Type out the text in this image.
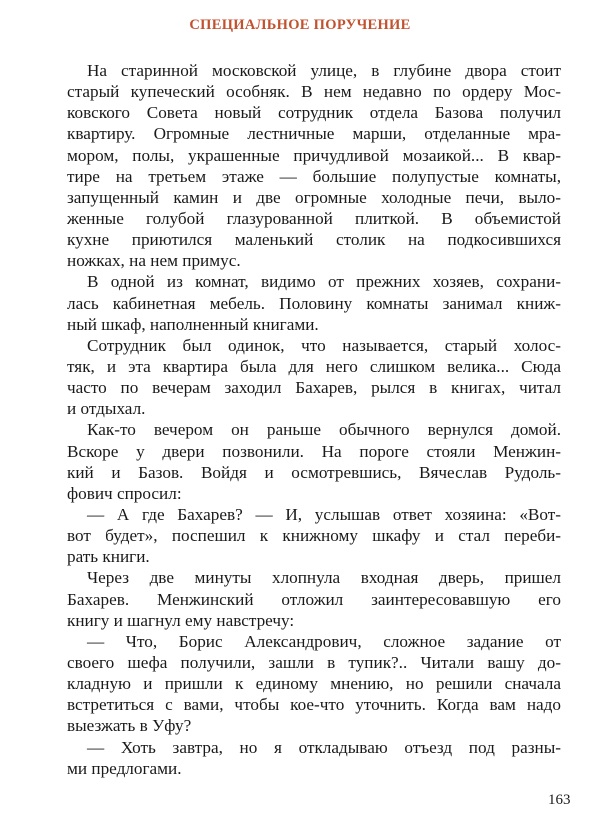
СПЕЦИАЛЬНОЕ ПОРУЧЕНИЕ
На старинной московской улице, в глубине двора стоит
старый купеческий особняк. В нем недавно по ордеру Мос-
ковского Совета новый сотрудник отдела Базова получил
квартиру. Огромные лестничные марши, отделанные мра-
мором, полы, украшенные причудливой мозаикой... В квар-
тире на третьем этаже — большие полупустые комнаты,
запущенный камин и две огромные холодные печи, выло-
женные голубой глазурованной плиткой. В объемистой
кухне приютился маленький столик на подкосившихся
ножках, на нем примус.
В одной из комнат, видимо от прежних хозяев, сохрани-
лась кабинетная мебель. Половину комнаты занимал книж-
ный шкаф, наполненный книгами.
Сотрудник был одинок, что называется, старый холос-
тяк, и эта квартира была для него слишком велика... Сюда
часто по вечерам заходил Бахарев, рылся в книгах, читал
и отдыхал.
Как-то вечером он раньше обычного вернулся домой.
Вскоре у двери позвонили. На пороге стояли Менжин-
кий и Базов. Войдя и осмотревшись, Вячеслав Рудоль-
фович спросил:
— А где Бахарев? — И, услышав ответ хозяина: «Вот-
вот будет», поспешил к книжному шкафу и стал переби-
рать книги.
Через две минуты хлопнула входная дверь, пришел
Бахарев. Менжинский отложил заинтересовавшую его
книгу и шагнул ему навстречу:
— Что, Борис Александрович, сложное задание от
своего шефа получили, зашли в тупик?.. Читали вашу до-
кладную и пришли к единому мнению, но решили сначала
встретиться с вами, чтобы кое-что уточнить. Когда вам надо
выезжать в Уфу?
— Хоть завтра, но я откладываю отъезд под разны-
ми предлогами.
163
